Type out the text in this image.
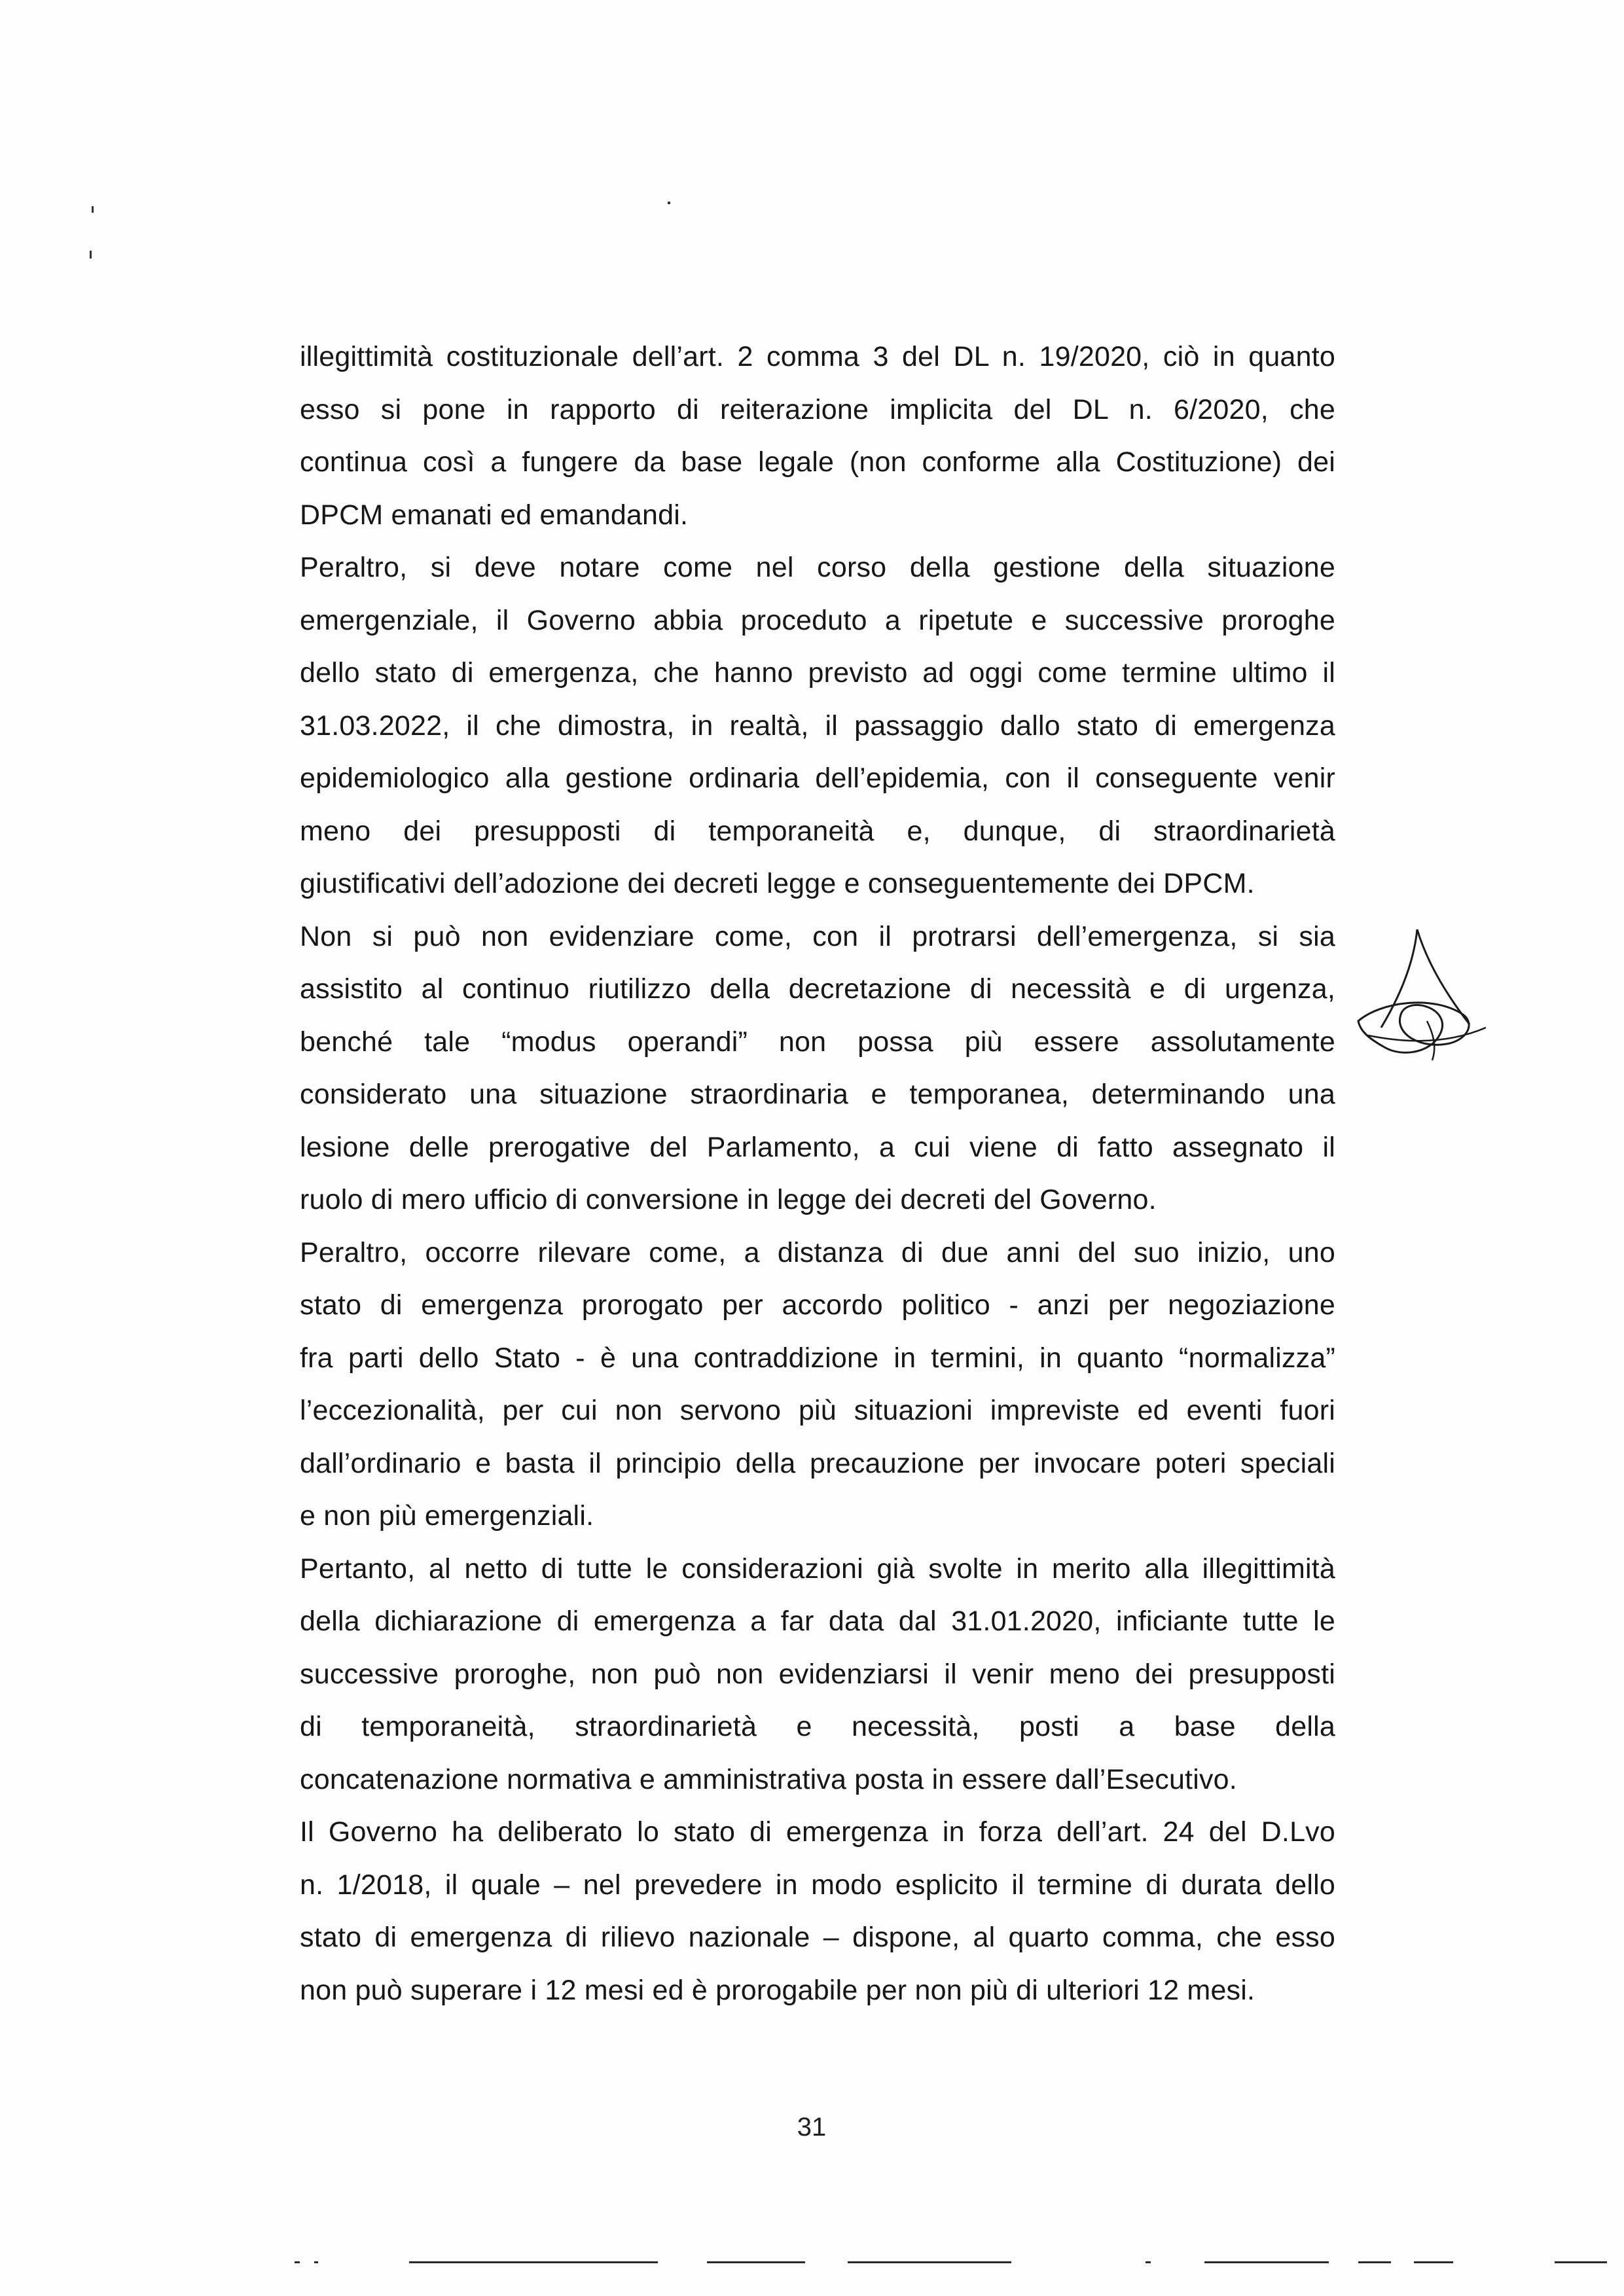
illegittimità costituzionale dell’art. 2 comma 3 del DL n. 19/2020, ciò in quanto

esso si pone in rapporto di reiterazione implicita del DL n. 6/2020, che

continua così a fungere da base legale (non conforme alla Costituzione) dei

DPCM emanati ed emandandi.

Peraltro, si deve notare come nel corso della gestione della situazione

emergenziale, il Governo abbia proceduto a ripetute e successive proroghe

dello stato di emergenza, che hanno previsto ad oggi come termine ultimo il

31.03.2022, il che dimostra, in realtà, il passaggio dallo stato di emergenza

epidemiologico alla gestione ordinaria dell’epidemia, con il conseguente venir

meno dei presupposti di temporaneità e, dunque, di straordinarietà

giustificativi dell’adozione dei decreti legge e conseguentemente dei DPCM.

Non si può non evidenziare come, con il protrarsi dell’emergenza, si sia

assistito al continuo riutilizzo della decretazione di necessità e di urgenza,

benché tale “modus operandi” non possa più essere assolutamente

considerato una situazione straordinaria e temporanea, determinando una

lesione delle prerogative del Parlamento, a cui viene di fatto assegnato il

ruolo di mero ufficio di conversione in legge dei decreti del Governo.

Peraltro, occorre rilevare come, a distanza di due anni del suo inizio, uno

stato di emergenza prorogato per accordo politico - anzi per negoziazione

fra parti dello Stato - è una contraddizione in termini, in quanto “normalizza”

l’eccezionalità, per cui non servono più situazioni impreviste ed eventi fuori

dall’ordinario e basta il principio della precauzione per invocare poteri speciali

e non più emergenziali.

Pertanto, al netto di tutte le considerazioni già svolte in merito alla illegittimità

della dichiarazione di emergenza a far data dal 31.01.2020, inficiante tutte le

successive proroghe, non può non evidenziarsi il venir meno dei presupposti

di temporaneità, straordinarietà e necessità, posti a base della

concatenazione normativa e amministrativa posta in essere dall’Esecutivo.

Il Governo ha deliberato lo stato di emergenza in forza dell’art. 24 del D.Lvo

n. 1/2018, il quale – nel prevedere in modo esplicito il termine di durata dello

stato di emergenza di rilievo nazionale – dispone, al quarto comma, che esso

non può superare i 12 mesi ed è prorogabile per non più di ulteriori 12 mesi.

31
